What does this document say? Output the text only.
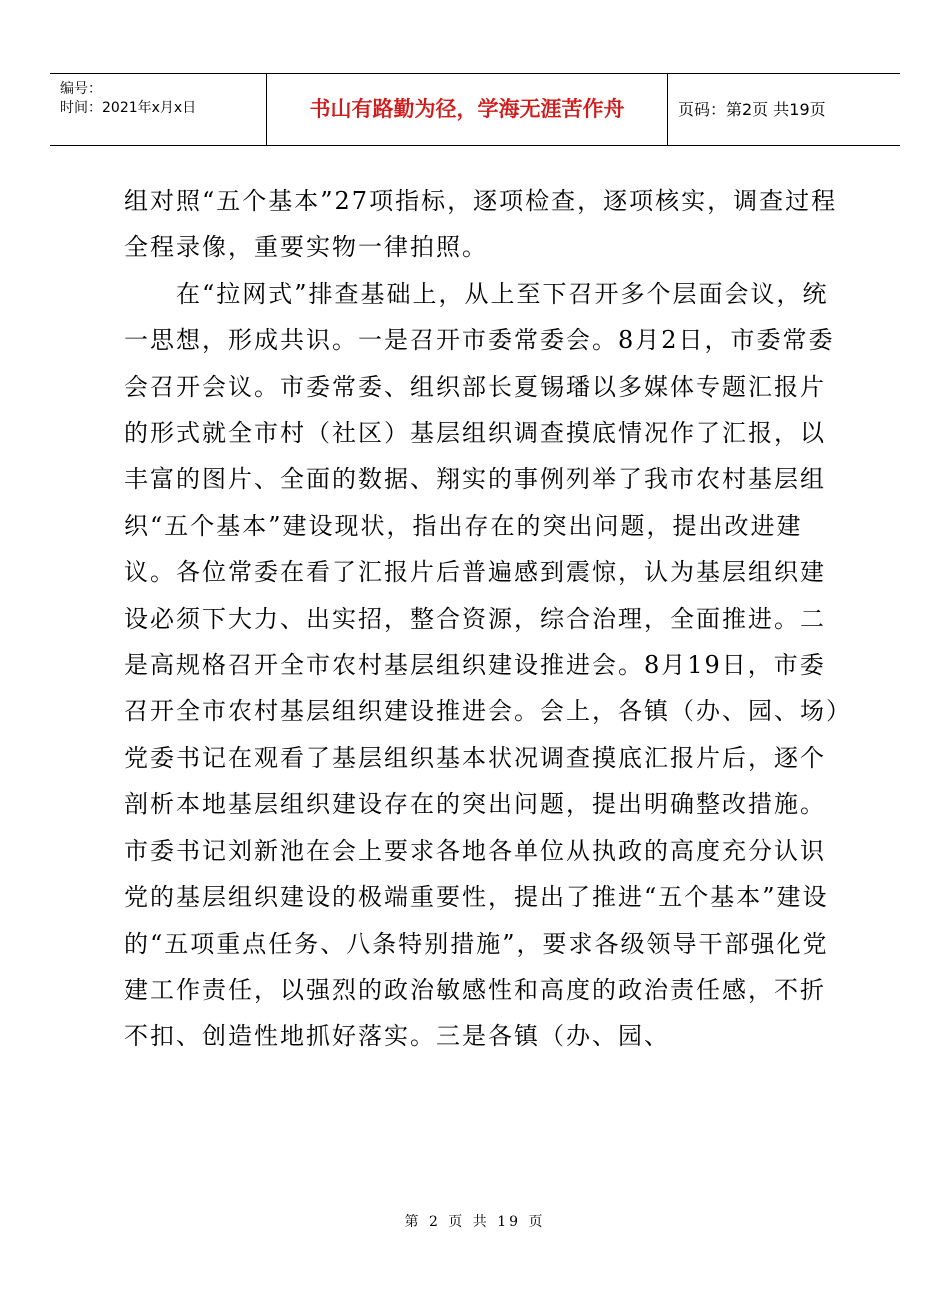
编号：
时间：2021年x月x日	书山有路勤为径，学海无涯苦作舟	页码：第2页 共19页

组对照“五个基本”27项指标，逐项检查，逐项核实，调查过程全程录像，重要实物一律拍照。

在“拉网式”排查基础上，从上至下召开多个层面会议，统一思想，形成共识。一是召开市委常委会。8月2日，市委常委会召开会议。市委常委、组织部长夏锡璠以多媒体专题汇报片的形式就全市村（社区）基层组织调查摸底情况作了汇报，以丰富的图片、全面的数据、翔实的事例列举了我市农村基层组织“五个基本”建设现状，指出存在的突出问题，提出改进建议。各位常委在看了汇报片后普遍感到震惊，认为基层组织建设必须下大力、出实招，整合资源，综合治理，全面推进。二是高规格召开全市农村基层组织建设推进会。8月19日，市委召开全市农村基层组织建设推进会。会上，各镇（办、园、场）党委书记在观看了基层组织基本状况调查摸底汇报片后，逐个剖析本地基层组织建设存在的突出问题，提出明确整改措施。市委书记刘新池在会上要求各地各单位从执政的高度充分认识党的基层组织建设的极端重要性，提出了推进“五个基本”建设的“五项重点任务、八条特别措施”，要求各级领导干部强化党建工作责任，以强烈的政治敏感性和高度的政治责任感，不折不扣、创造性地抓好落实。三是各镇（办、园、

第 2 页 共 19 页
